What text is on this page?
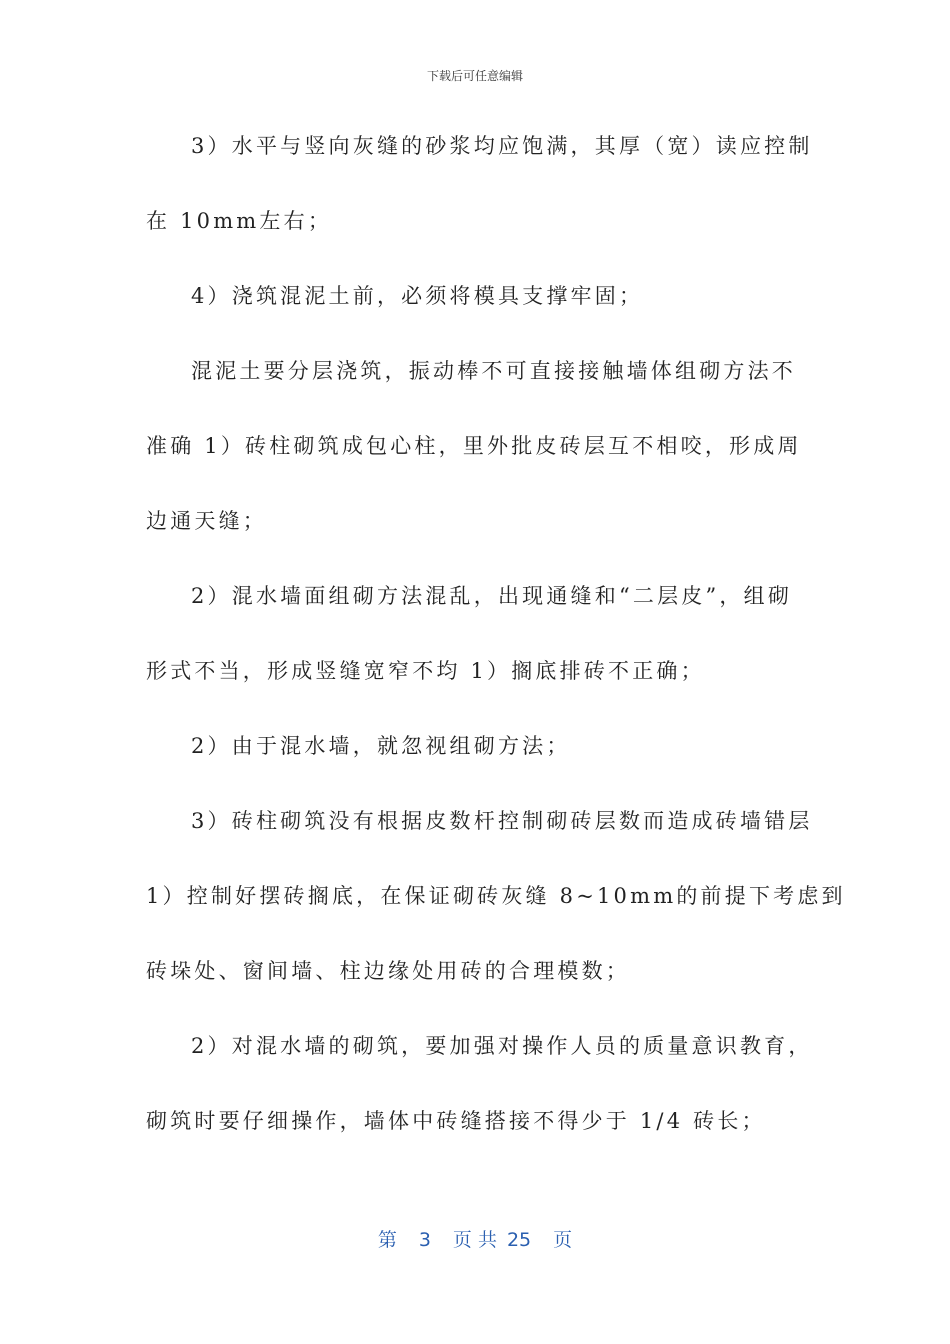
下载后可任意编辑
3）水平与竖向灰缝的砂浆均应饱满，其厚（宽）读应控制
在 10mm左右；
4）浇筑混泥土前，必须将模具支撑牢固；
混泥土要分层浇筑，振动棒不可直接接触墙体组砌方法不
准确 1）砖柱砌筑成包心柱，里外批皮砖层互不相咬，形成周
边通天缝；
2）混水墙面组砌方法混乱，出现通缝和“二层皮”，组砌
形式不当，形成竖缝宽窄不均 1）搁底排砖不正确；
2）由于混水墙，就忽视组砌方法；
3）砖柱砌筑没有根据皮数杆控制砌砖层数而造成砖墙错层
1）控制好摆砖搁底，在保证砌砖灰缝 8~10mm的前提下考虑到
砖垛处、窗间墙、柱边缘处用砖的合理模数；
2）对混水墙的砌筑，要加强对操作人员的质量意识教育，
砌筑时要仔细操作，墙体中砖缝搭接不得少于 1/4 砖长；
第 3 页 共 25 页
